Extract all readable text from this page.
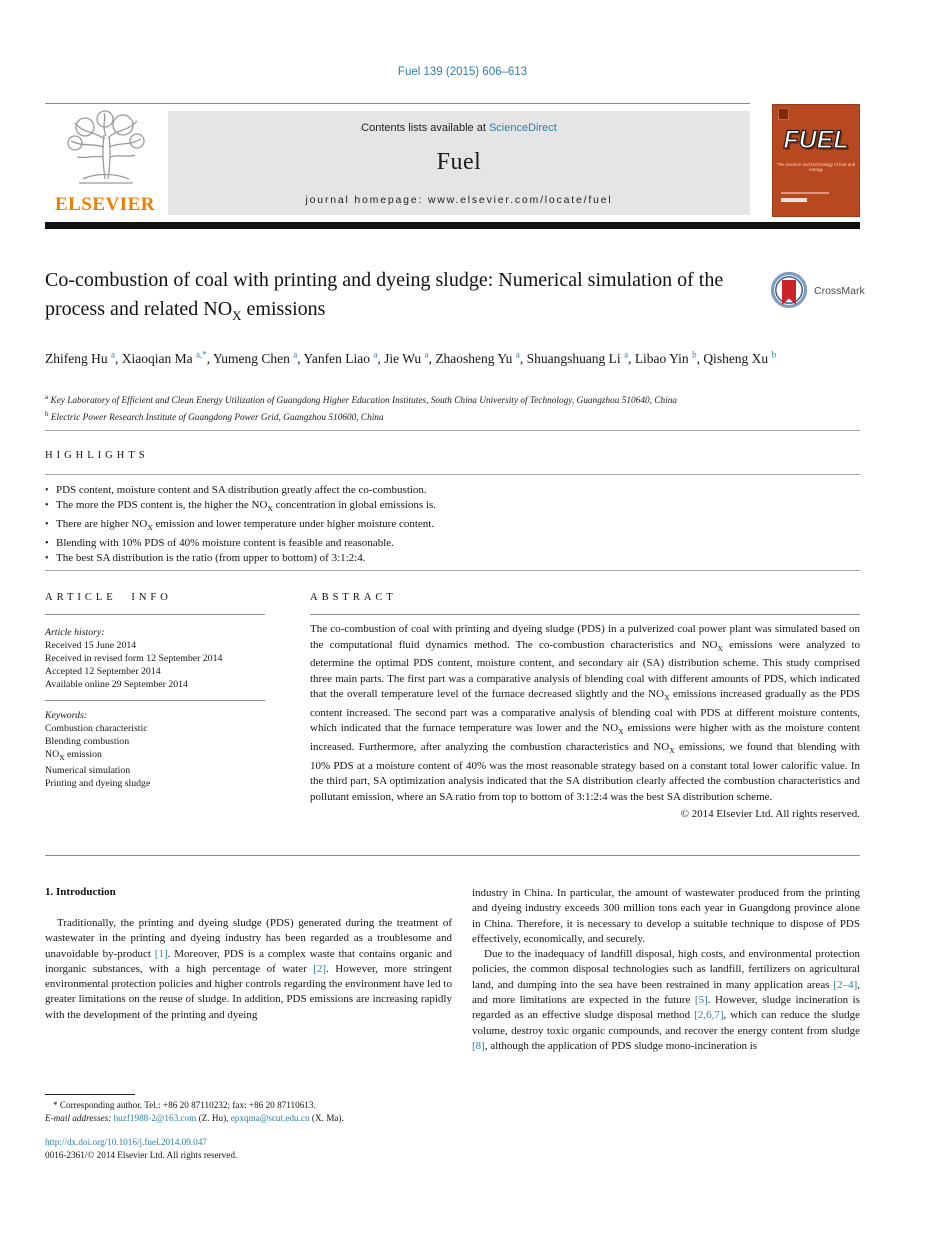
Fuel 139 (2015) 606–613
ELSEVIER
Contents lists available at ScienceDirect
Fuel
journal homepage: www.elsevier.com/locate/fuel
FUEL
The science and technology of fuel and energy
Co-combustion of coal with printing and dyeing sludge: Numerical simulation of the process and related $NO_X$ emissions
CrossMark
Zhifeng Hu $^a$ , Xiaoqian Ma $^{a,*}$ , Yumeng Chen $^a$ , Yanfen Liao $^a$ , Jie Wu $^a$ , Zhaosheng Yu $^a$ , Shuangshuang Li $^a$ , Libao Yin $^b$ , Qisheng Xu $^b$
$^a$ Key Laboratory of Efficient and Clean Energy Utilization of Guangdong Higher Education Institutes, South China University of Technology, Guangzhou 510640, China
$^b$ Electric Power Research Institute of Guangdong Power Grid, Guangzhou 510600, China
HIGHLIGHTS
• PDS content, moisture content and SA distribution greatly affect the co-combustion.
• The more the PDS content is, the higher the $NO_X$ concentration in global emissions is.
• There are higher $NO_X$ emission and lower temperature under higher moisture content.
• Blending with 10% PDS of 40% moisture content is feasible and reasonable.
• The best SA distribution is the ratio (from upper to bottom) of 3:1:2:4.
ARTICLE INFO
Article history:
Received 15 June 2014
Received in revised form 12 September 2014
Accepted 12 September 2014
Available online 29 September 2014
Keywords:
Combustion characteristic
Blending combustion
$NO_X$ emission
Numerical simulation
Printing and dyeing sludge
ABSTRACT

The co-combustion of coal with printing and dyeing sludge (PDS) in a pulverized coal power plant was simulated based on the computational fluid dynamics method. The co-combustion characteristics and $NO_X$ emissions were analyzed to determine the optimal PDS content, moisture content, and secondary air (SA) distribution scheme. This study comprised three main parts. The first part was a comparative analysis of blending coal with different amounts of PDS, which indicated that the overall temperature level of the furnace decreased slightly and the $NO_X$ emissions increased gradually as the PDS content increased. The second part was a comparative analysis of blending coal with PDS at different moisture contents, which indicated that the furnace temperature was lower and the $NO_X$ emissions were higher with as the moisture content increased. Furthermore, after analyzing the combustion characteristics and $NO_X$ emissions, we found that blending with 10% PDS at a moisture content of 40% was the most reasonable strategy based on a constant total lower calorific value. In the third part, SA optimization analysis indicated that the SA distribution clearly affected the combustion characteristics and pollutant emission, where an SA ratio from top to bottom of 3:1:2:4 was the best SA distribution scheme.

© 2014 Elsevier Ltd. All rights reserved.
1. Introduction

Traditionally, the printing and dyeing sludge (PDS) generated during the treatment of wastewater in the printing and dyeing industry has been regarded as a troublesome and unavoidable by-product [1]. Moreover, PDS is a complex waste that contains organic and inorganic substances, with a high percentage of water [2]. However, more stringent environmental protection policies and higher controls regarding the environment have led to greater limitations on the reuse of sludge. In addition, PDS emissions are increasing rapidly with the development of the printing and dyeing

industry in China. In particular, the amount of wastewater produced from the printing and dyeing industry exceeds 300 million tons each year in Guangdong province alone in China. Therefore, it is necessary to develop a suitable technique to dispose of PDS effectively, economically, and securely.

Due to the inadequacy of landfill disposal, high costs, and environmental protection policies, the common disposal technologies such as landfill, fertilizers on agricultural land, and dumping into the sea have been restrained in many application areas [2–4], and more limitations are expected in the future [5]. However, sludge incineration is regarded as an effective sludge disposal method [2,6,7], which can reduce the sludge volume, destroy toxic organic compounds, and recover the energy content from sludge [8], although the application of PDS sludge mono-incineration is

* Corresponding author. Tel.: +86 20 87110232; fax: +86 20 87110613.
E-mail addresses: huzf1988-2@163.com (Z. Hu), epxqma@scut.edu.cn (X. Ma).
http://dx.doi.org/10.1016/j.fuel.2014.09.047
0016-2361/© 2014 Elsevier Ltd. All rights reserved.
